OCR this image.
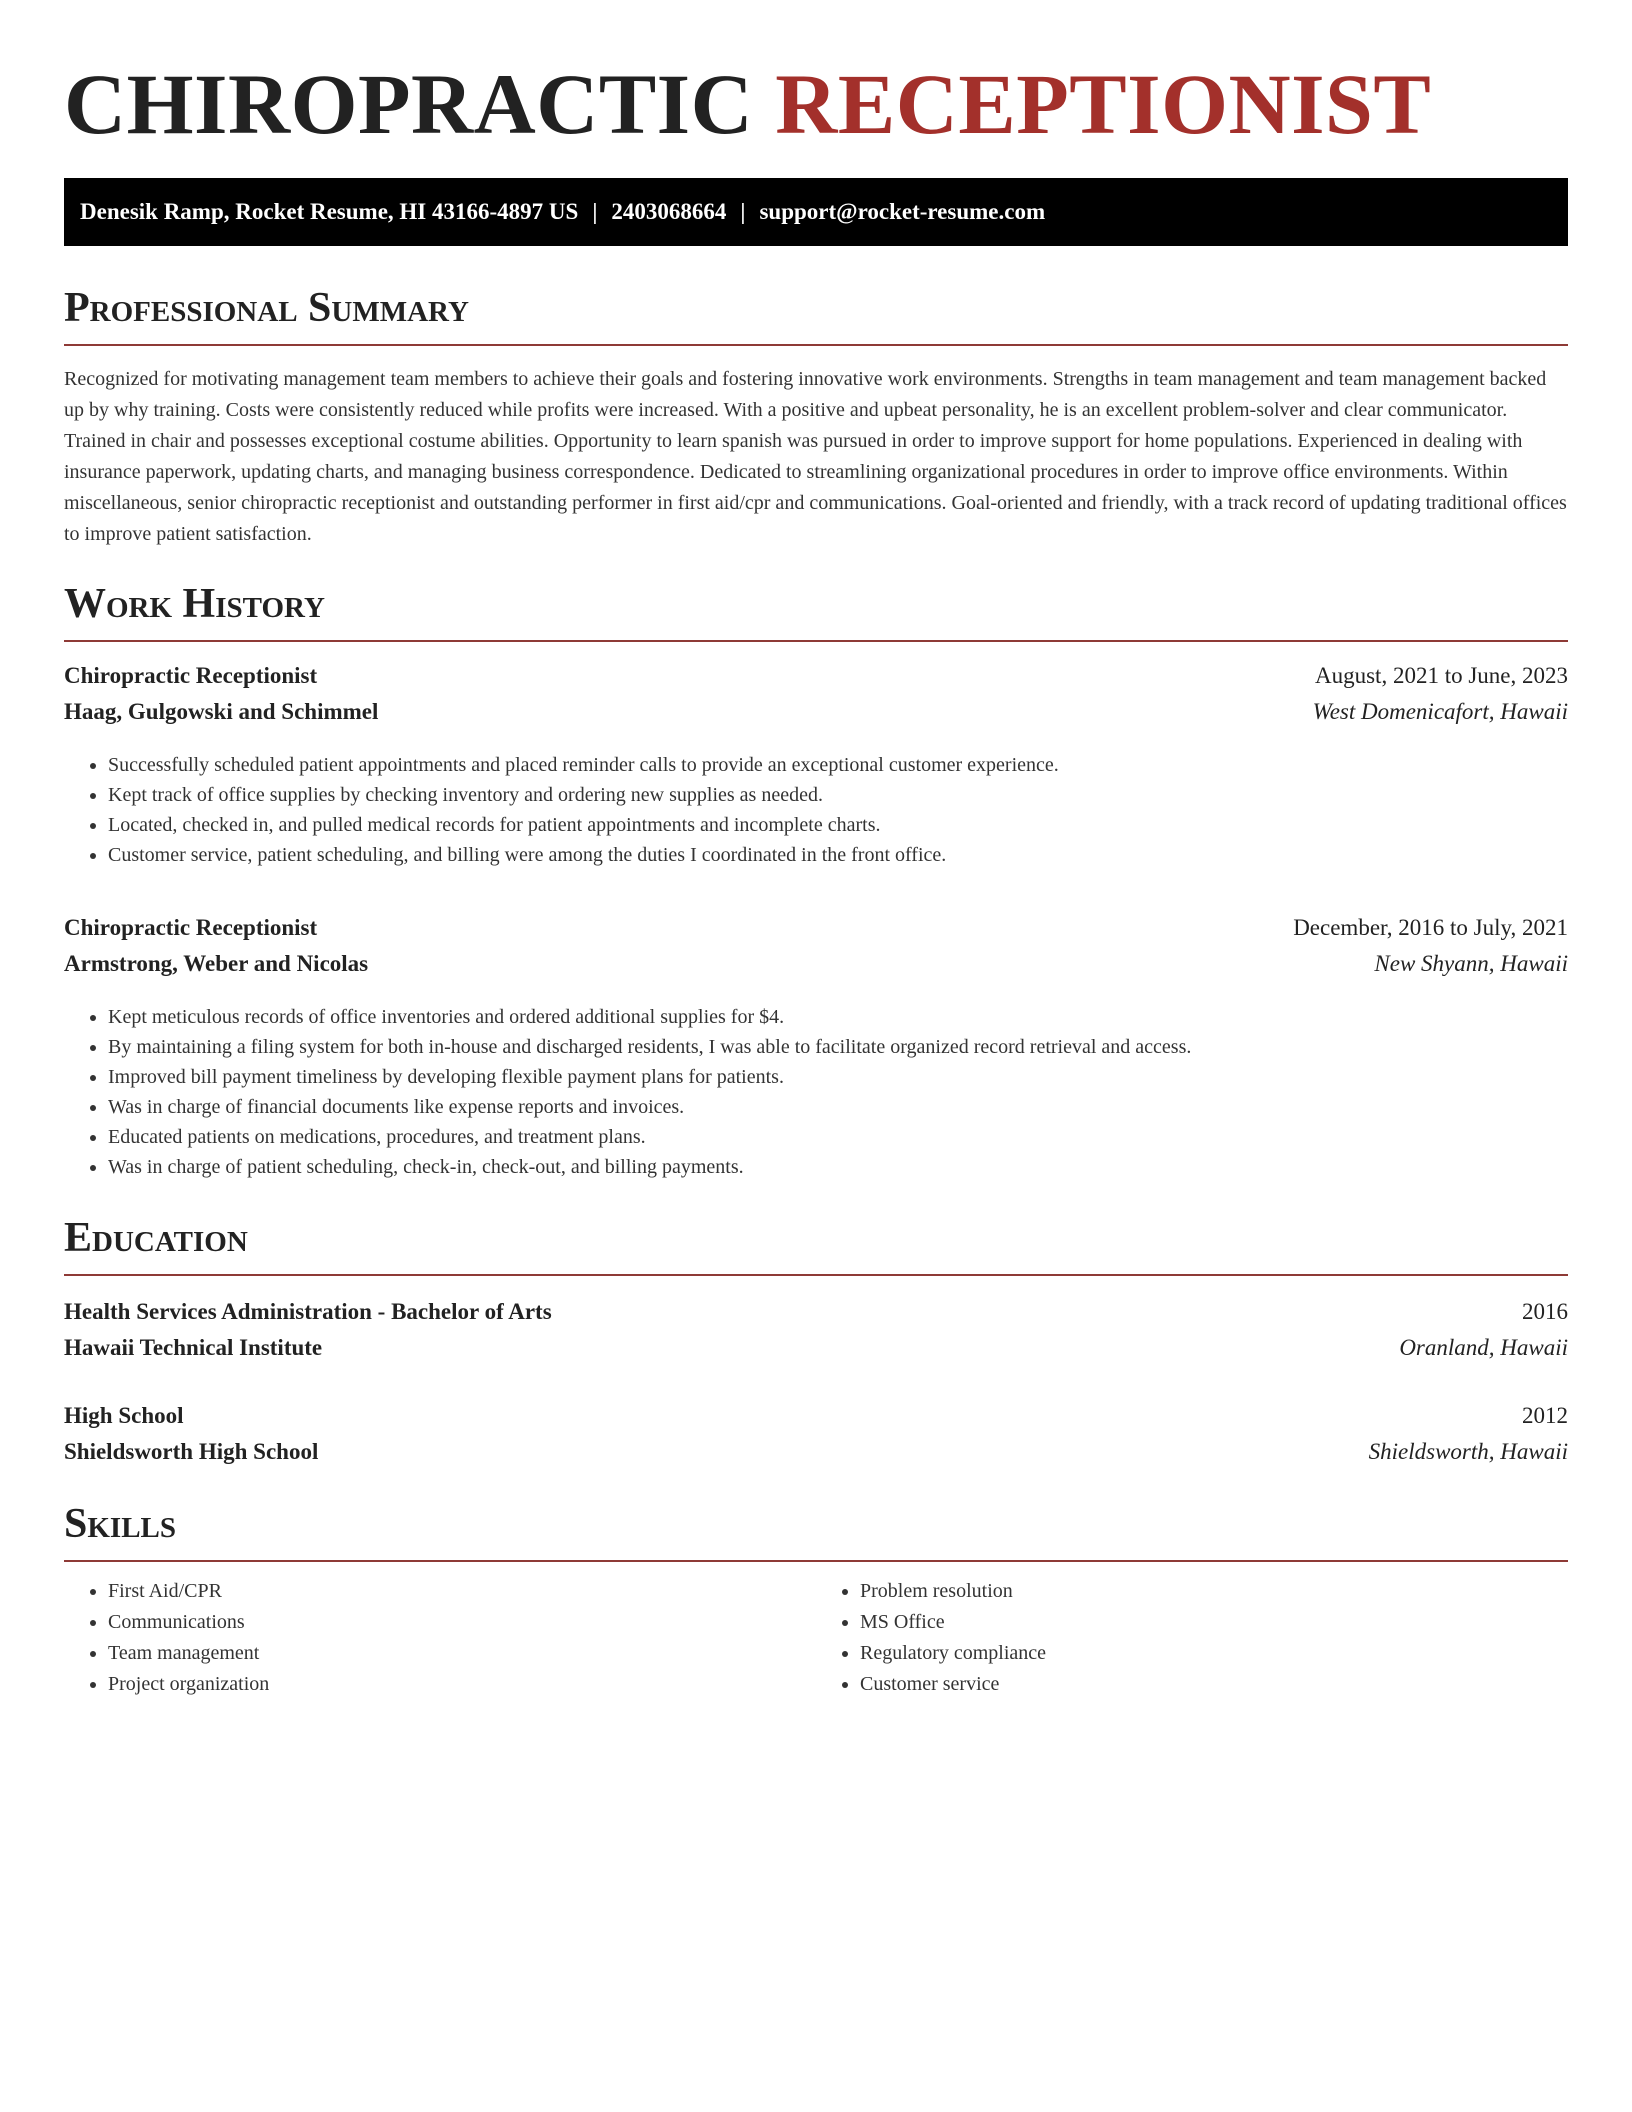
CHIROPRACTIC RECEPTIONIST
Denesik Ramp, Rocket Resume, HI 43166-4897 US | 2403068664 | support@rocket-resume.com
Professional Summary

Recognized for motivating management team members to achieve their goals and fostering innovative work environments. Strengths in team management and team management backed up by why training. Costs were consistently reduced while profits were increased. With a positive and upbeat personality, he is an excellent problem-solver and clear communicator. Trained in chair and possesses exceptional costume abilities. Opportunity to learn spanish was pursued in order to improve support for home populations. Experienced in dealing with insurance paperwork, updating charts, and managing business correspondence. Dedicated to streamlining organizational procedures in order to improve office environments. Within miscellaneous, senior chiropractic receptionist and outstanding performer in first aid/cpr and communications. Goal-oriented and friendly, with a track record of updating traditional offices to improve patient satisfaction.

Work History
Chiropractic Receptionist	August, 2021 to June, 2023
Haag, Gulgowski and Schimmel	West Domenicafort, Hawaii
• Successfully scheduled patient appointments and placed reminder calls to provide an exceptional customer experience.
• Kept track of office supplies by checking inventory and ordering new supplies as needed.
• Located, checked in, and pulled medical records for patient appointments and incomplete charts.
• Customer service, patient scheduling, and billing were among the duties I coordinated in the front office.
Chiropractic Receptionist	December, 2016 to July, 2021
Armstrong, Weber and Nicolas	New Shyann, Hawaii
• Kept meticulous records of office inventories and ordered additional supplies for $4.
• By maintaining a filing system for both in-house and discharged residents, I was able to facilitate organized record retrieval and access.
• Improved bill payment timeliness by developing flexible payment plans for patients.
• Was in charge of financial documents like expense reports and invoices.
• Educated patients on medications, procedures, and treatment plans.
• Was in charge of patient scheduling, check-in, check-out, and billing payments.
Education
Health Services Administration - Bachelor of Arts	2016
Hawaii Technical Institute	Oranland, Hawaii
High School	2012
Shieldsworth High School	Shieldsworth, Hawaii
Skills
• First Aid/CPR
• Communications
• Team management
• Project organization
• Problem resolution
• MS Office
• Regulatory compliance
• Customer service
